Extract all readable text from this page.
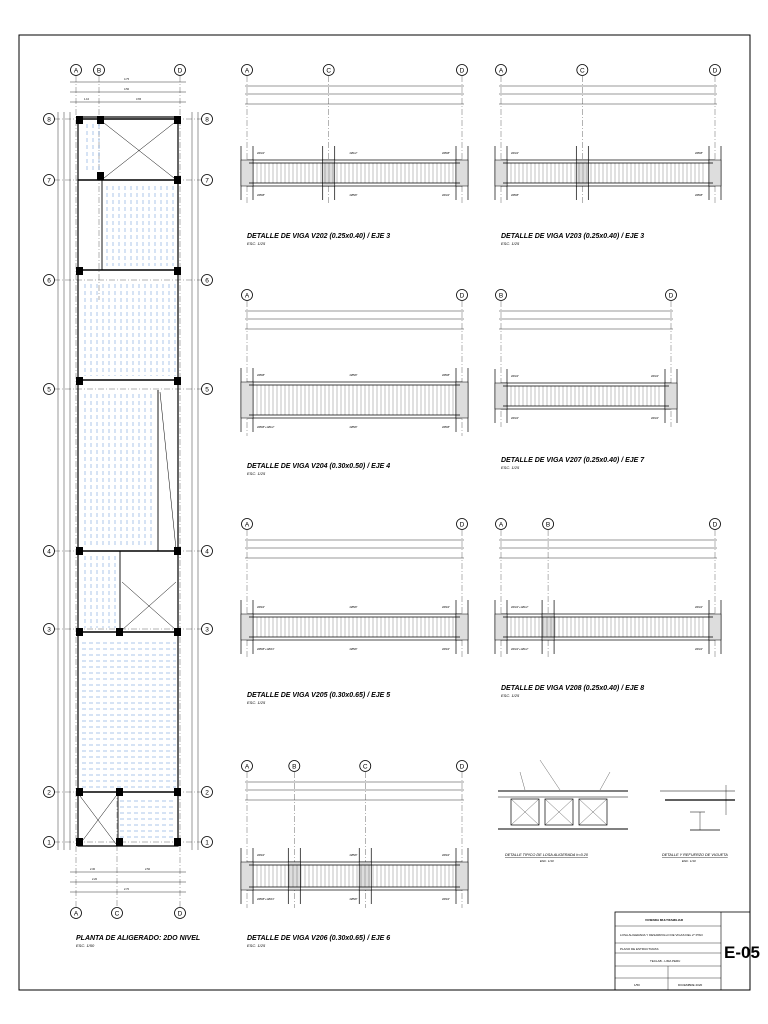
A	C	D
2Ø1/2"	2Ø1/2"	2Ø5/8"
2Ø5/8"	2Ø5/8"	2Ø1/2"
A	C	D
2Ø1/2"	2Ø5/8"
2Ø5/8"	2Ø5/8"
A	D
2Ø5/8"	2Ø5/8"	2Ø5/8"
2Ø5/8"+1Ø1/2"	2Ø5/8"	2Ø5/8"
B	D
2Ø1/2"	2Ø1/2"
2Ø1/2"	2Ø1/2"
A	D
2Ø3/4"	2Ø5/8"	2Ø3/4"
2Ø5/8"+1Ø3/4"	2Ø5/8"	2Ø3/4"
A	B	D
2Ø1/2"+1Ø1/2"	2Ø1/2"
2Ø1/2"+1Ø1/2"	2Ø1/2"
A	B	C	D
2Ø3/4"	2Ø5/8"	2Ø3/4"
2Ø5/8"+1Ø3/4"	2Ø5/8"	2Ø3/4"
PLANTA DE ALIGERADO: 2DO NIVEL
ESC. 1/50
A	B	D
A	C	D
8	8
7	7
6	6
5	5
4	4
3	3
2	2
1	1
4.75
4.50
1.10	3.65
2.30	2.50
2.20
2.70
DETALLE TIPICO DE LOSA ALIGERADA h=0.20
ESC. 1/10
DETALLE Y REFUERZO DE VIGUETA
ESC. 1/10
VIVIENDA MULTIFAMILIAR
LOSA ALIGERADA Y DESARROLLO DE VIGAS DEL 2° PISO
PLANO DE ESTRUCTURAS
TECLAB - LIMA PERU
1/50	DICIEMBRE 2020
E-05
DETALLE DE VIGA V202 (0.25x0.40) / EJE 3
ESC. 1/25
DETALLE DE VIGA V203 (0.25x0.40) / EJE 3
ESC. 1/25
DETALLE DE VIGA V204 (0.30x0.50) / EJE 4
ESC. 1/25
DETALLE DE VIGA V207 (0.25x0.40) / EJE 7
ESC. 1/25
DETALLE DE VIGA V205 (0.30x0.65) / EJE 5
ESC. 1/25
DETALLE DE VIGA V208 (0.25x0.40) / EJE 8
ESC. 1/25
DETALLE DE VIGA V206 (0.30x0.65) / EJE 6
ESC. 1/25
